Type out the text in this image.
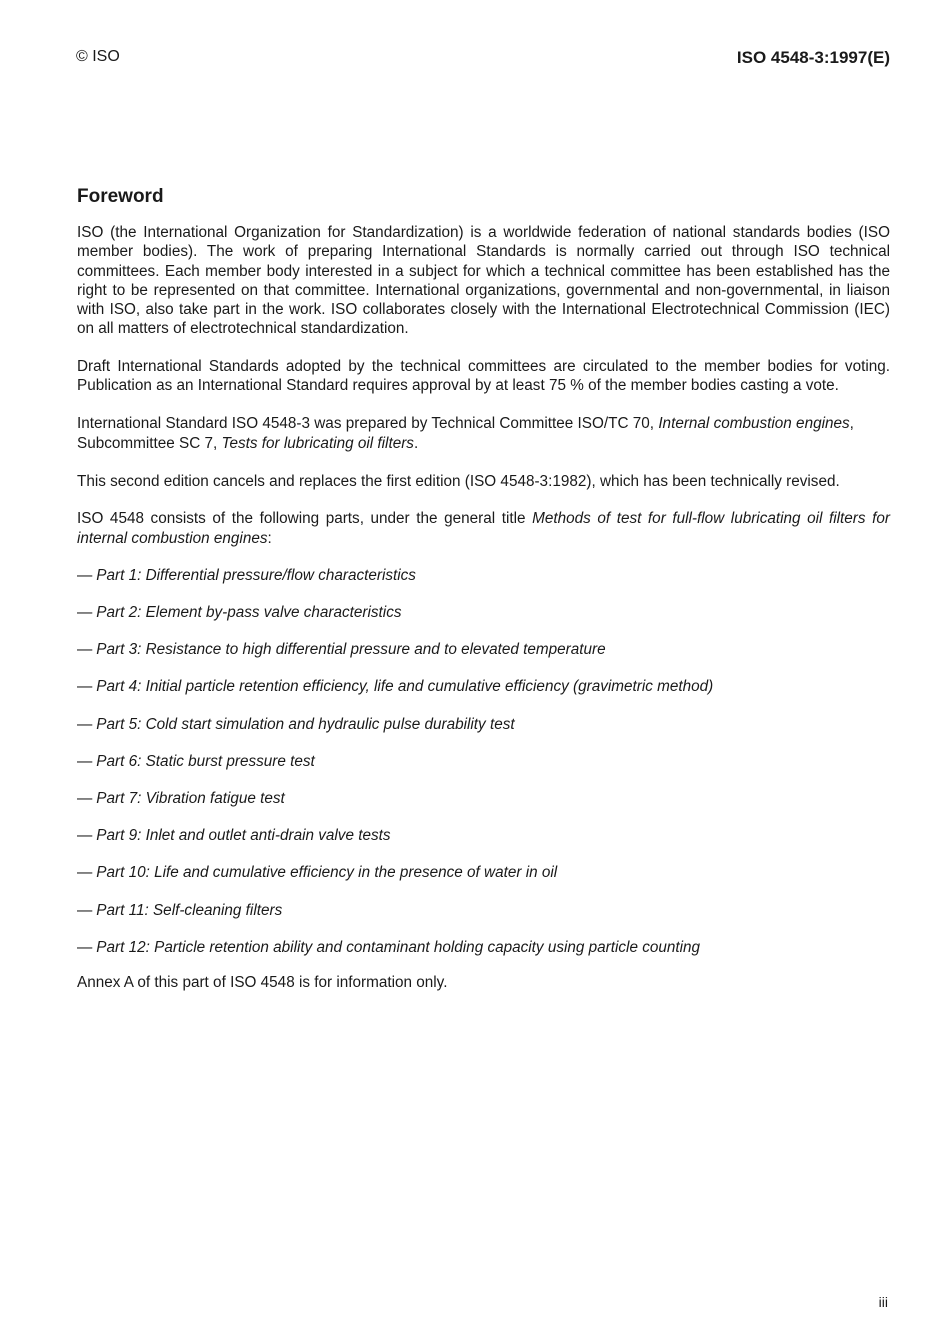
© ISO	ISO 4548-3:1997(E)
Foreword

ISO (the International Organization for Standardization) is a worldwide federation of national standards bodies (ISO member bodies). The work of preparing International Standards is normally carried out through ISO technical committees. Each member body interested in a subject for which a technical committee has been established has the right to be represented on that committee. International organizations, governmental and non-governmental, in liaison with ISO, also take part in the work. ISO collaborates closely with the International Electrotechnical Commission (IEC) on all matters of electrotechnical standardization.

Draft International Standards adopted by the technical committees are circulated to the member bodies for voting. Publication as an International Standard requires approval by at least 75 % of the member bodies casting a vote.

International Standard ISO 4548-3 was prepared by Technical Committee ISO/TC 70, Internal combustion engines, Subcommittee SC 7, Tests for lubricating oil filters.

This second edition cancels and replaces the first edition (ISO 4548-3:1982), which has been technically revised.

ISO 4548 consists of the following parts, under the general title Methods of test for full-flow lubricating oil filters for internal combustion engines:

— Part 1: Differential pressure/flow characteristics
— Part 2: Element by-pass valve characteristics
— Part 3: Resistance to high differential pressure and to elevated temperature
— Part 4: Initial particle retention efficiency, life and cumulative efficiency (gravimetric method)
— Part 5: Cold start simulation and hydraulic pulse durability test
— Part 6: Static burst pressure test
— Part 7: Vibration fatigue test
— Part 9: Inlet and outlet anti-drain valve tests
— Part 10: Life and cumulative efficiency in the presence of water in oil
— Part 11: Self-cleaning filters
— Part 12: Particle retention ability and contaminant holding capacity using particle counting

Annex A of this part of ISO 4548 is for information only.

iii
